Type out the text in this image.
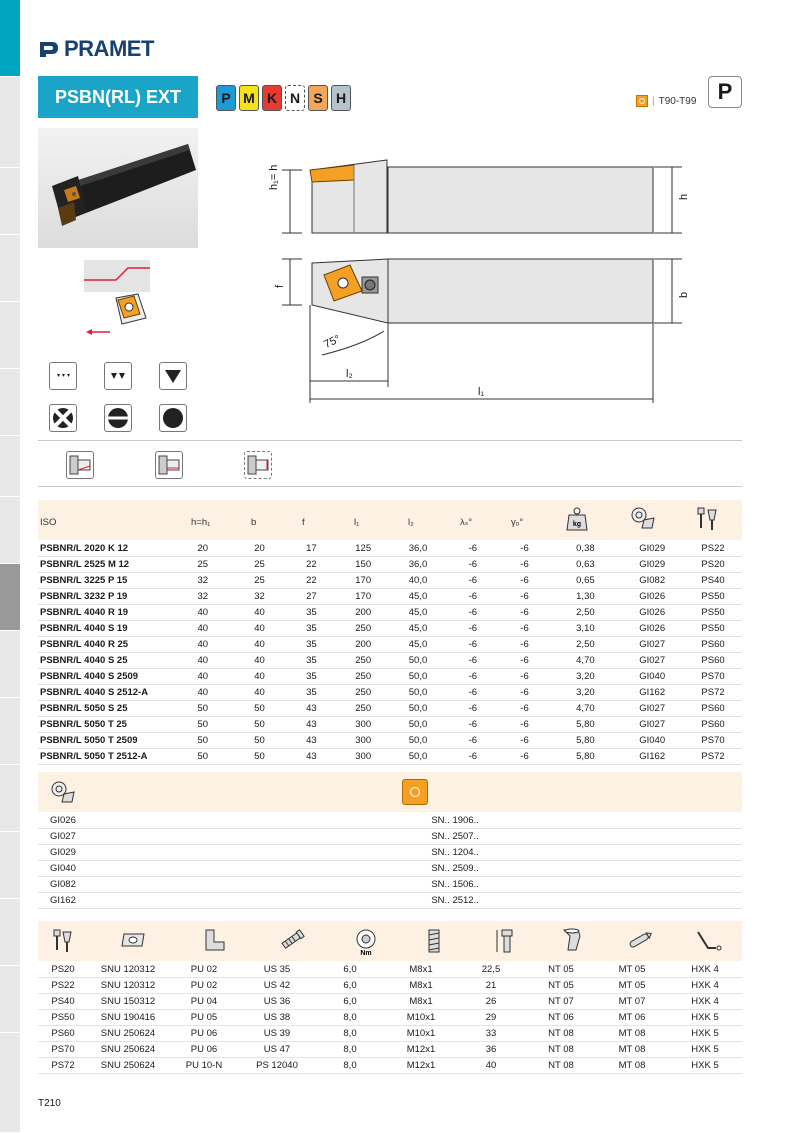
PRAMET
PSBN(RL) EXT	P M K N S H	| T90-T99 P
h₁= h
h
f
b
75°
l₂
l₁
ISO	h=h₁	b	f	l₁	l₂	λₛ°	γₒ°	kg
PSBNR/L 2020 K 12	20	20	17	125	36,0	-6	-6	0,38	GI029	PS22
PSBNR/L 2525 M 12	25	25	22	150	36,0	-6	-6	0,63	GI029	PS20
PSBNR/L 3225 P 15	32	25	22	170	40,0	-6	-6	0,65	GI082	PS40
PSBNR/L 3232 P 19	32	32	27	170	45,0	-6	-6	1,30	GI026	PS50
PSBNR/L 4040 R 19	40	40	35	200	45,0	-6	-6	2,50	GI026	PS50
PSBNR/L 4040 S 19	40	40	35	250	45,0	-6	-6	3,10	GI026	PS50
PSBNR/L 4040 R 25	40	40	35	200	45,0	-6	-6	2,50	GI027	PS60
PSBNR/L 4040 S 25	40	40	35	250	50,0	-6	-6	4,70	GI027	PS60
PSBNR/L 4040 S 2509	40	40	35	250	50,0	-6	-6	3,20	GI040	PS70
PSBNR/L 4040 S 2512-A	40	40	35	250	50,0	-6	-6	3,20	GI162	PS72
PSBNR/L 5050 S 25	50	50	43	250	50,0	-6	-6	4,70	GI027	PS60
PSBNR/L 5050 T 25	50	50	43	300	50,0	-6	-6	5,80	GI027	PS60
PSBNR/L 5050 T 2509	50	50	43	300	50,0	-6	-6	5,80	GI040	PS70
PSBNR/L 5050 T 2512-A	50	50	43	300	50,0	-6	-6	5,80	GI162	PS72
GI026	SN.. 1906..
GI027	SN.. 2507..
GI029	SN.. 1204..
GI040	SN.. 2509..
GI082	SN.. 1506..
GI162	SN.. 2512..
Nm
PS20	SNU 120312	PU 02	US 35	6,0	M8x1	22,5	NT 05	MT 05	HXK 4
PS22	SNU 120312	PU 02	US 42	6,0	M8x1	21	NT 05	MT 05	HXK 4
PS40	SNU 150312	PU 04	US 36	6,0	M8x1	26	NT 07	MT 07	HXK 4
PS50	SNU 190416	PU 05	US 38	8,0	M10x1	29	NT 06	MT 06	HXK 5
PS60	SNU 250624	PU 06	US 39	8,0	M10x1	33	NT 08	MT 08	HXK 5
PS70	SNU 250624	PU 06	US 47	8,0	M12x1	36	NT 08	MT 08	HXK 5
PS72	SNU 250624	PU 10-N	PS 12040	8,0	M12x1	40	NT 08	MT 08	HXK 5
T210
